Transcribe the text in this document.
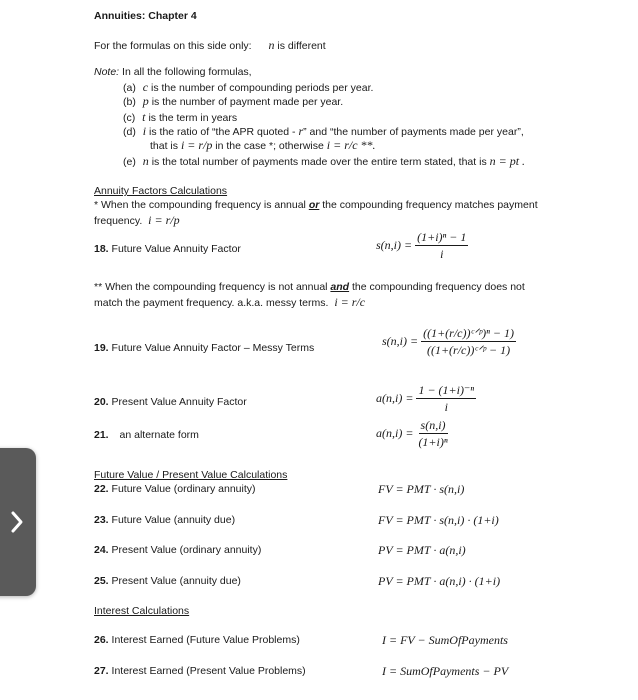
Annuities: Chapter 4
For the formulas on this side only: n is different
Note: In all the following formulas,
(a) c is the number of compounding periods per year.
(b) p is the number of payment made per year.
(c) t is the term in years
(d) i is the ratio of “the APR quoted - r” and “the number of payments made per year”,
that is i = r/p in the case *; otherwise i = r/c **.
(e) n is the total number of payments made over the entire term stated, that is n = pt .
Annuity Factors Calculations
* When the compounding frequency is annual or the compounding frequency matches payment
frequency. i = r/p
18. Future Value Annuity Factor	$s(n,i) = \frac{\text{(1+i)ⁿ − 1}}{i}$
** When the compounding frequency is not annual and the compounding frequency does not
match the payment frequency. a.k.a. messy terms. i = r/c
19. Future Value Annuity Factor – Messy Terms	$s(n,i) = \frac{\text{((1+(r/c))ᶜᐟᵖ)ⁿ − 1)}}{\text{((1+(r/c))ᶜᐟᵖ − 1)}}$
20. Present Value Annuity Factor	$a(n,i) = \frac{\text{1 − (1+i)⁻ⁿ}}{i}$
21. an alternate form	$a(n,i) = \frac{s(n,i)}{\text{(1+i)ⁿ}}$
Future Value / Present Value Calculations
22. Future Value (ordinary annuity)	FV = PMT · s(n,i)
23. Future Value (annuity due)	FV = PMT · s(n,i) · (1+i)
24. Present Value (ordinary annuity)	PV = PMT · a(n,i)
25. Present Value (annuity due)	PV = PMT · a(n,i) · (1+i)
Interest Calculations
26. Interest Earned (Future Value Problems)	I = FV − SumOfPayments
27. Interest Earned (Present Value Problems)	I = SumOfPayments − PV
